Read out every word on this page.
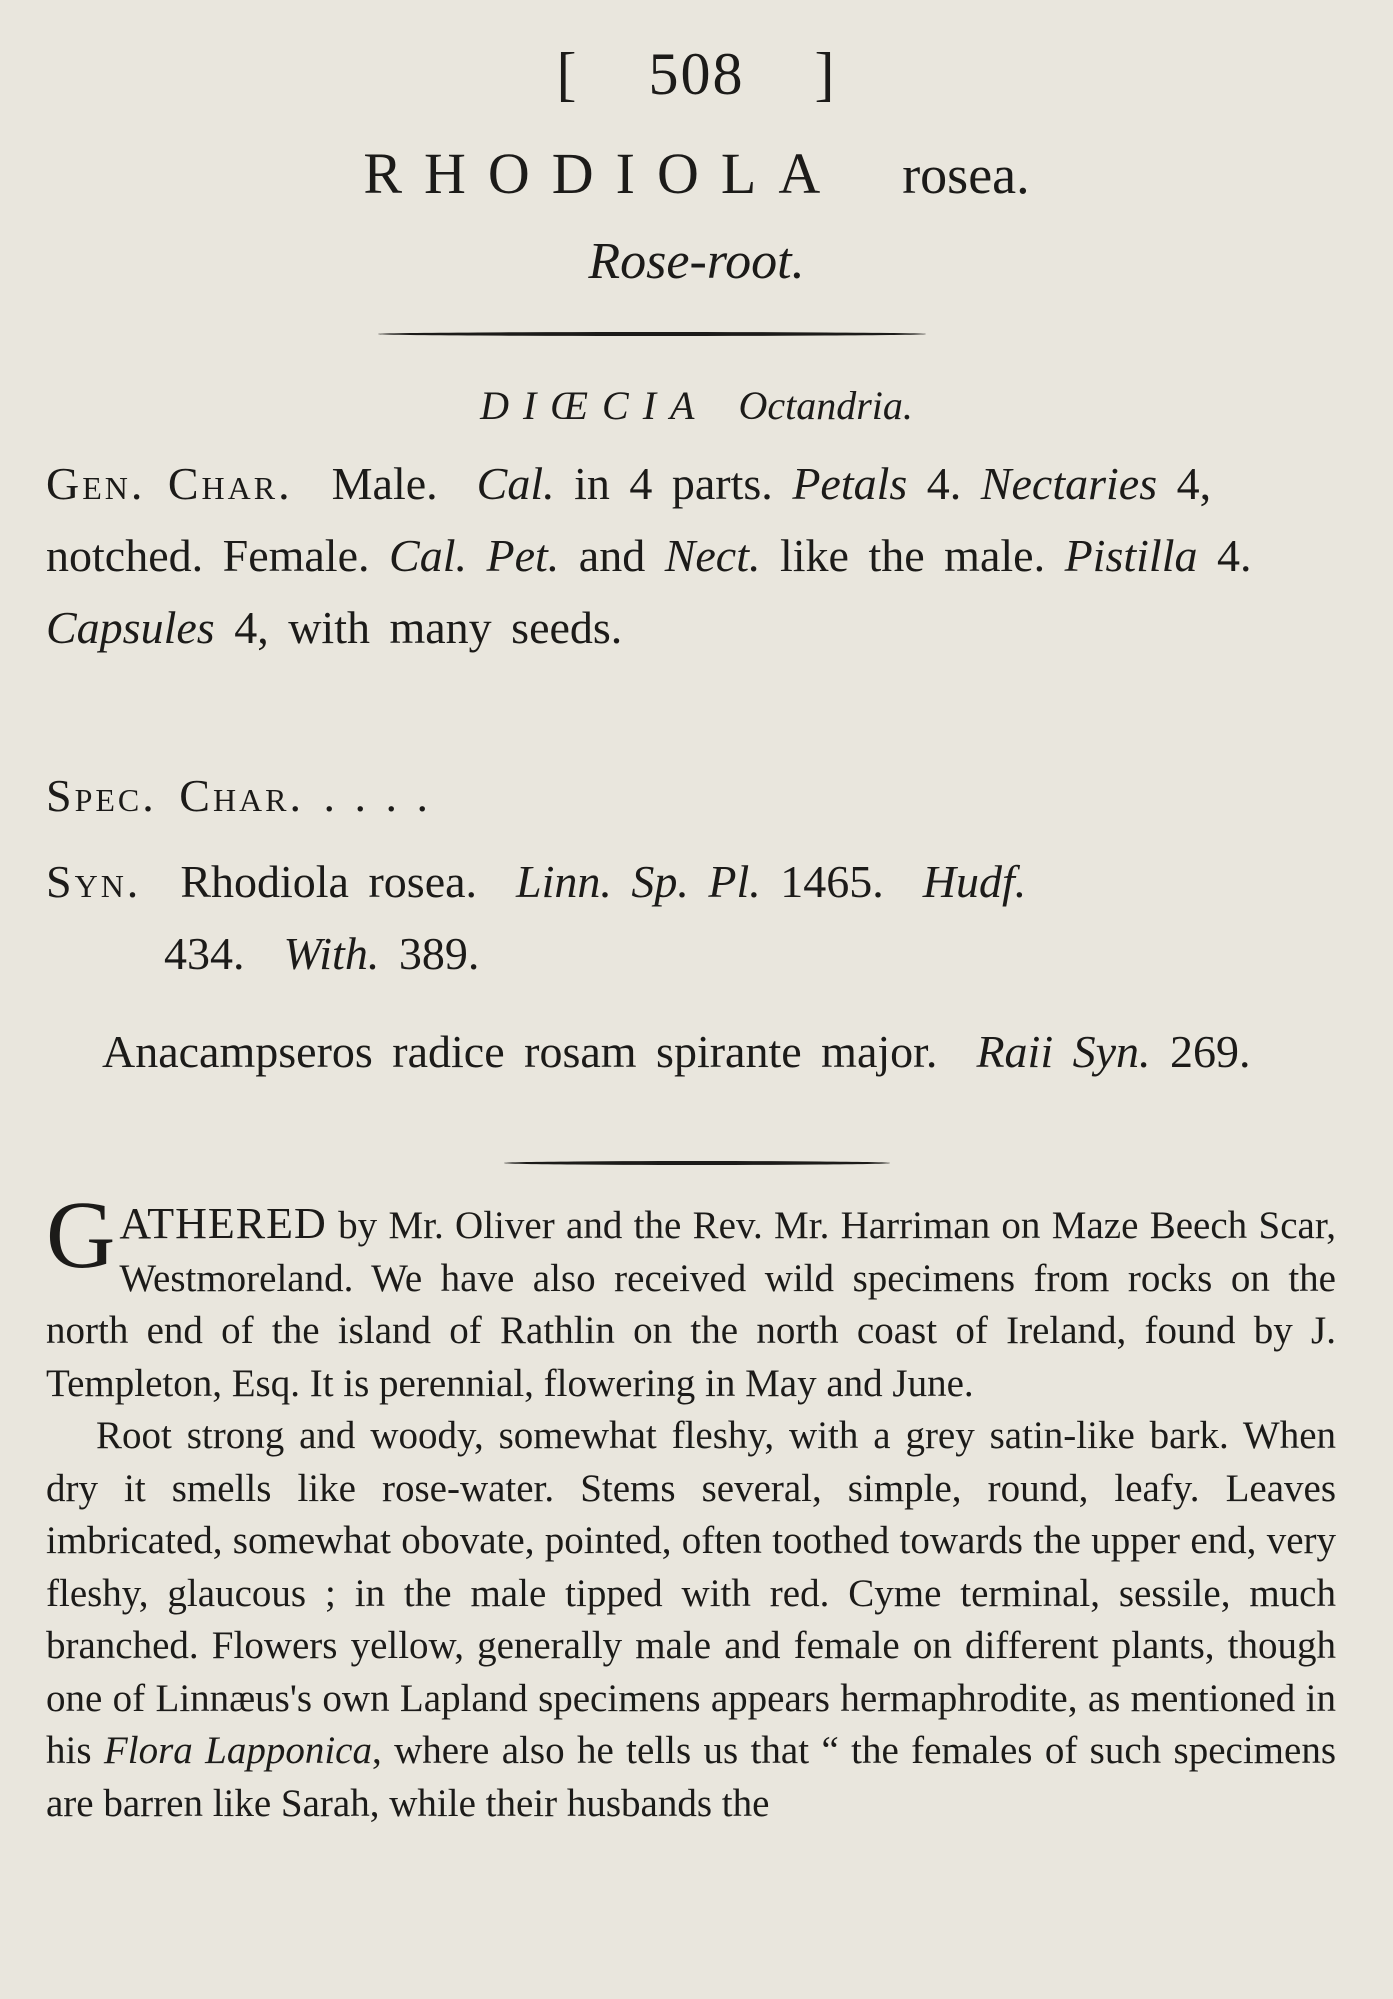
[ 508 ]
RHODIOLA rosea.
Rose-root.
DIŒCIA Octandria.
Gen. Char. Male. Cal. in 4 parts. Petals 4. Nectaries 4, notched. Female. Cal. Pet. and Nect. like the male. Pistilla 4. Capsules 4, with many seeds.
Spec. Char. . . . .
Syn. Rhodiola rosea. Linn. Sp. Pl. 1465. Hudf.
434. With. 389.
Anacampseros radice rosam spirante major. Raii Syn. 269.

GATHERED by Mr. Oliver and the Rev. Mr. Harriman on Maze Beech Scar, Westmoreland. We have also received wild specimens from rocks on the north end of the island of Rathlin on the north coast of Ireland, found by J. Templeton, Esq. It is perennial, flowering in May and June.

Root strong and woody, somewhat fleshy, with a grey satin-like bark. When dry it smells like rose-water. Stems several, simple, round, leafy. Leaves imbricated, somewhat obovate, pointed, often toothed towards the upper end, very fleshy, glaucous ; in the male tipped with red. Cyme terminal, sessile, much branched. Flowers yellow, generally male and female on different plants, though one of Linnæus's own Lapland specimens appears hermaphrodite, as mentioned in his Flora Lapponica, where also he tells us that “ the females of such specimens are barren like Sarah, while their husbands the
